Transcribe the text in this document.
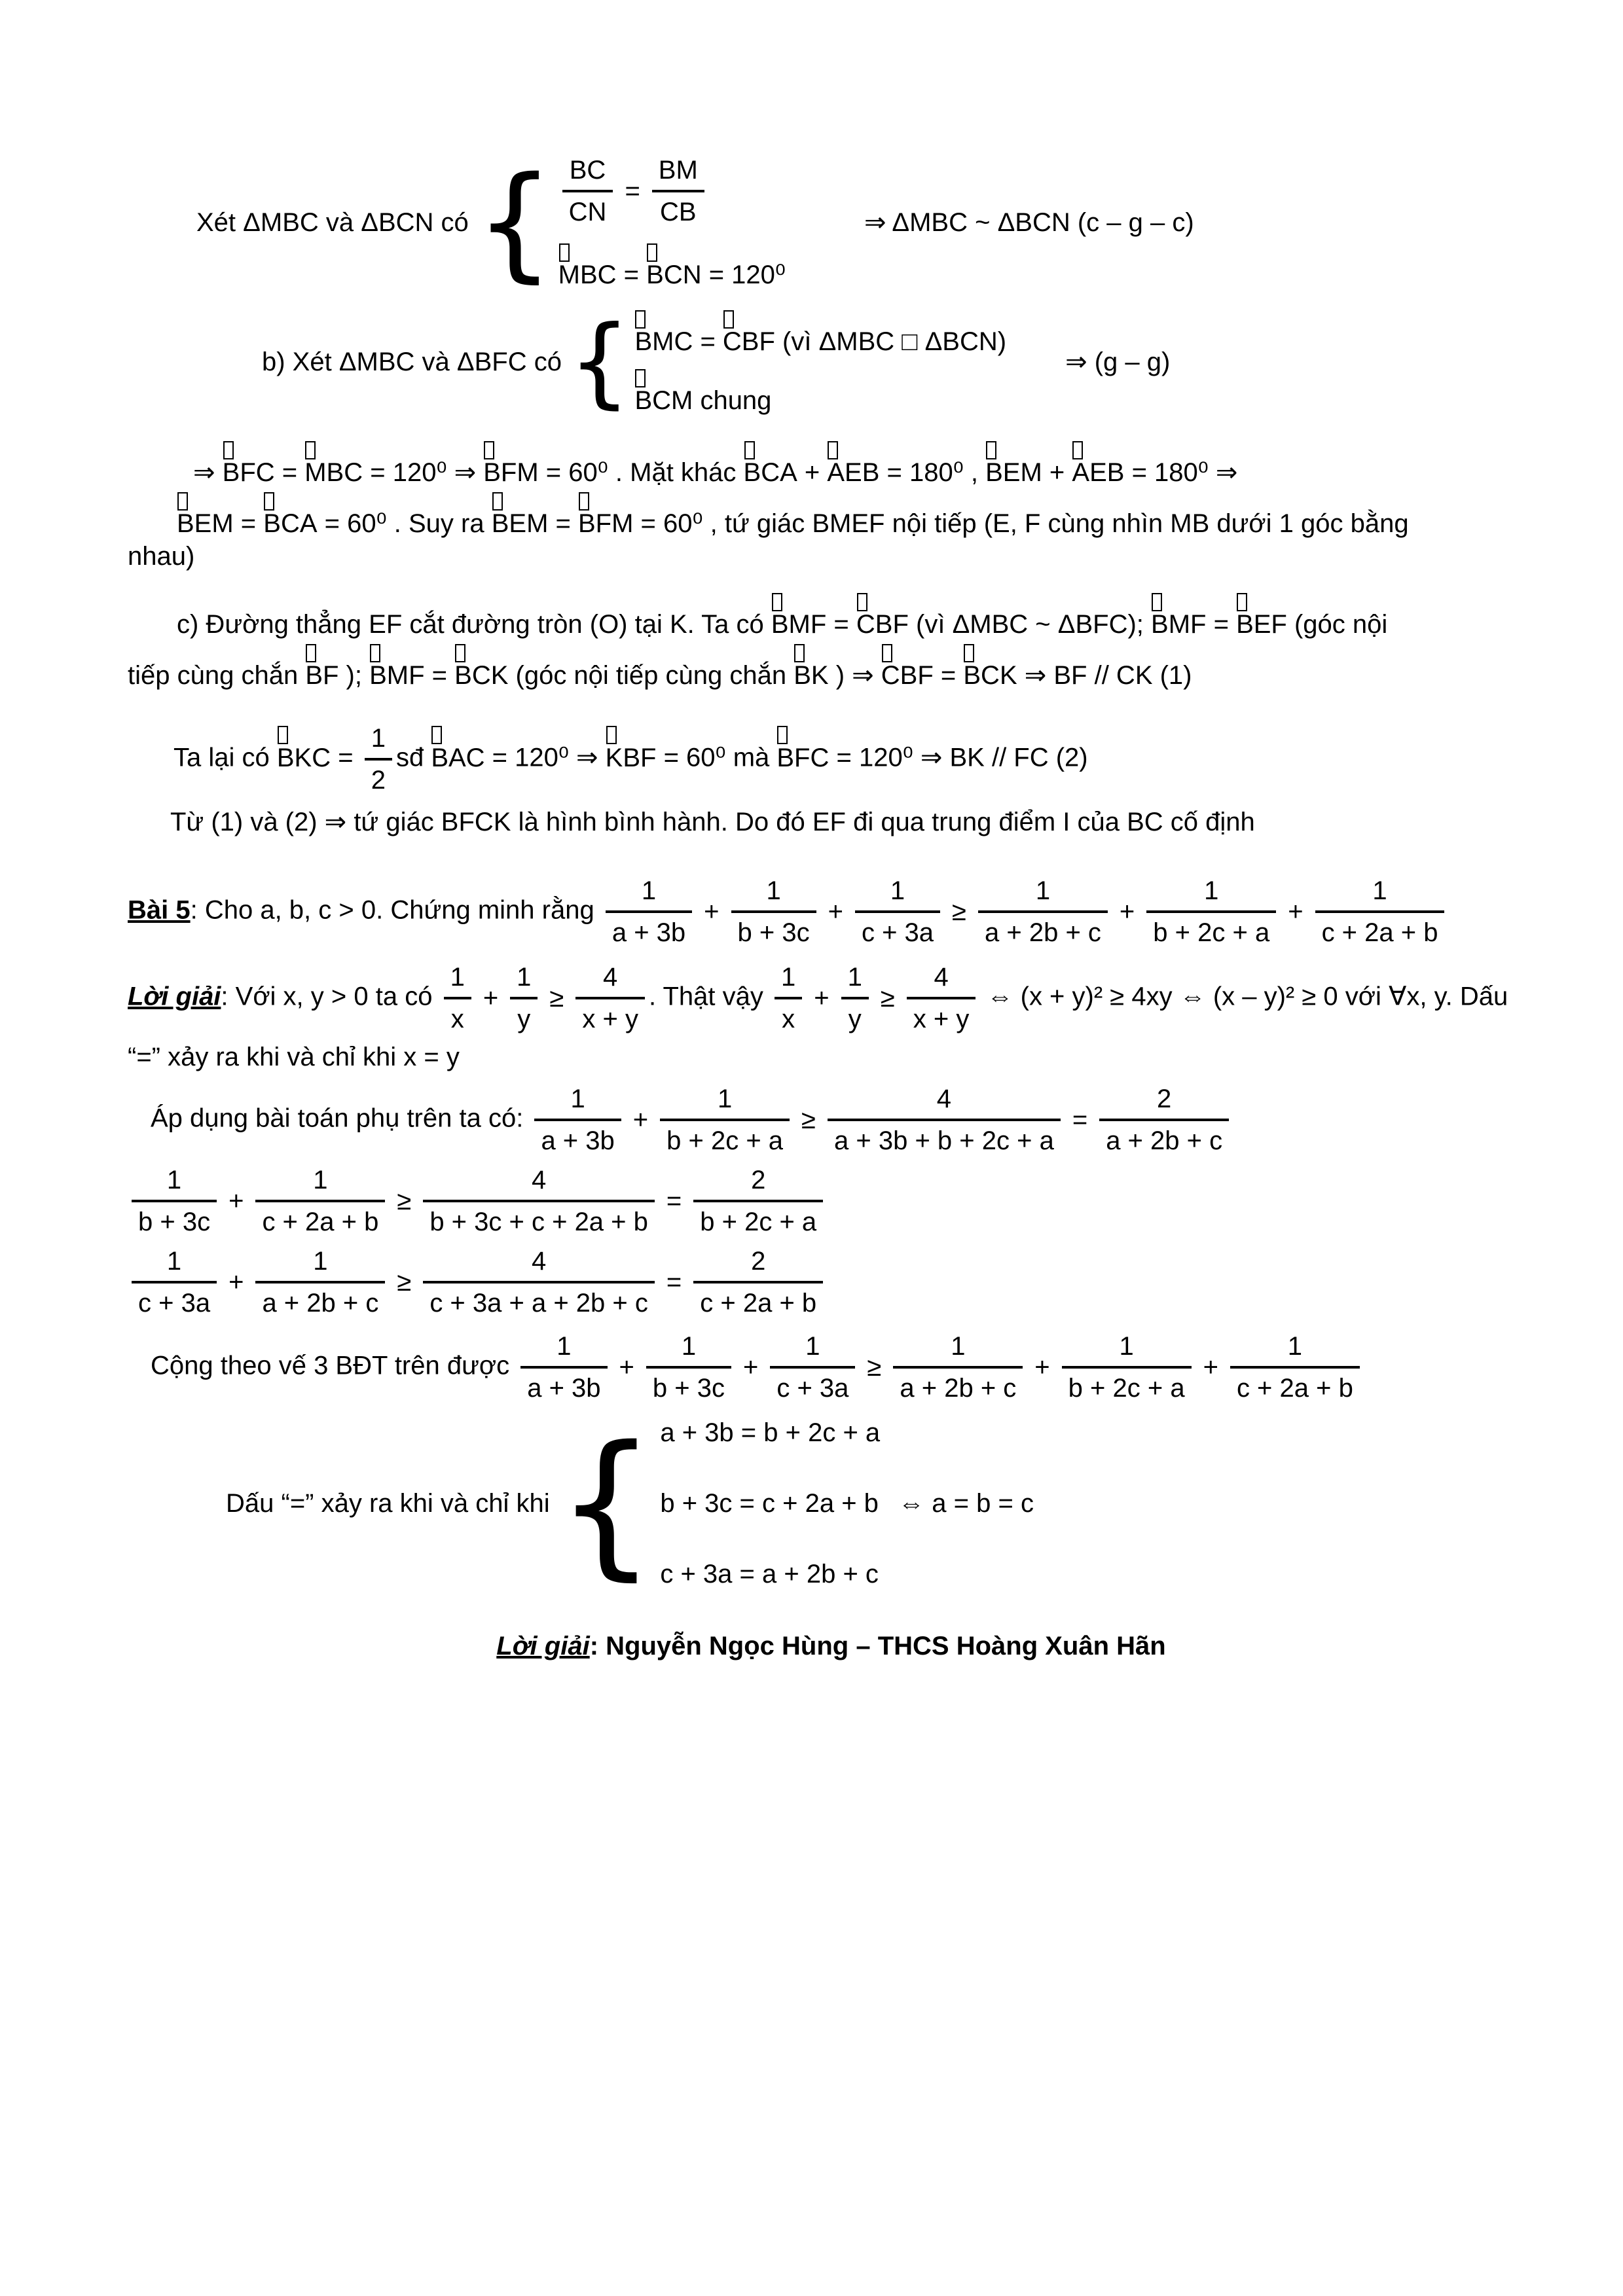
Xét ΔMBC và ΔBCN có { $\frac{BC}{CN} = \frac{BM}{CB}$
MBC =
BCN = 120⁰
⇒ ΔMBC ~ ΔBCN (c – g – c)

b) Xét ΔMBC và ΔBFC có { BMC =
CBF (vì ΔMBC □ ΔBCN)
BCM chung
⇒ (g – g)

⇒
BFC =
MBC = 120⁰ ⇒
BFM = 60⁰ . Mặt khác
BCA +
AEB = 180⁰ ,
BEM +
AEB = 180⁰ ⇒

BEM =
BCA = 60⁰ . Suy ra
BEM =
BFM = 60⁰ , tứ giác BMEF nội tiếp (E, F cùng nhìn MB dưới 1 góc bằng

nhau)

c) Đường thẳng EF cắt đường tròn (O) tại K. Ta có
BMF =
CBF (vì ΔMBC ~ ΔBFC);
BMF =
BEF (góc nội

tiếp cùng chắn
BF );
BMF =
BCK (góc nội tiếp cùng chắn
BK ) ⇒
CBF =
BCK ⇒ BF // CK (1)

Ta lại có
BKC = $\frac{1}{2}$ sđ
BAC = 120⁰ ⇒
KBF = 60⁰ mà
BFC = 120⁰ ⇒ BK // FC (2)

Từ (1) và (2) ⇒ tứ giác BFCK là hình bình hành. Do đó EF đi qua trung điểm I của BC cố định

Bài 5: Cho a, b, c > 0. Chứng minh rằng $\frac{1}{a + 3b} + \frac{1}{b + 3c} + \frac{1}{c + 3a} \ge \frac{1}{a + 2b + c} + \frac{1}{b + 2c + a} + \frac{1}{c + 2a + b}$

Lời giải: Với x, y > 0 ta có $\frac{1}{x} + \frac{1}{y} \ge \frac{4}{x + y}$ . Thật vậy $\frac{1}{x} + \frac{1}{y} \ge \frac{4}{x + y}$ ⇔ (x + y)² ≥ 4xy ⇔ (x – y)² ≥ 0 với ∀x, y. Dấu

“=” xảy ra khi và chỉ khi x = y

Áp dụng bài toán phụ trên ta có: $\frac{1}{a + 3b} + \frac{1}{b + 2c + a} \ge \frac{4}{a + 3b + b + 2c + a} = \frac{2}{a + 2b + c}$

$\frac{1}{b + 3c} + \frac{1}{c + 2a + b} \ge \frac{4}{b + 3c + c + 2a + b} = \frac{2}{b + 2c + a}$

$\frac{1}{c + 3a} + \frac{1}{a + 2b + c} \ge \frac{4}{c + 3a + a + 2b + c} = \frac{2}{c + 2a + b}$

Cộng theo vế 3 BĐT trên được $\frac{1}{a + 3b} + \frac{1}{b + 3c} + \frac{1}{c + 3a} \ge \frac{1}{a + 2b + c} + \frac{1}{b + 2c + a} + \frac{1}{c + 2a + b}$

Dấu “=” xảy ra khi và chỉ khi { a + 3b = b + 2c + a
b + 3c = c + 2a + b
c + 3a = a + 2b + c
⇔ a = b = c

Lời giải: Nguyễn Ngọc Hùng – THCS Hoàng Xuân Hãn
